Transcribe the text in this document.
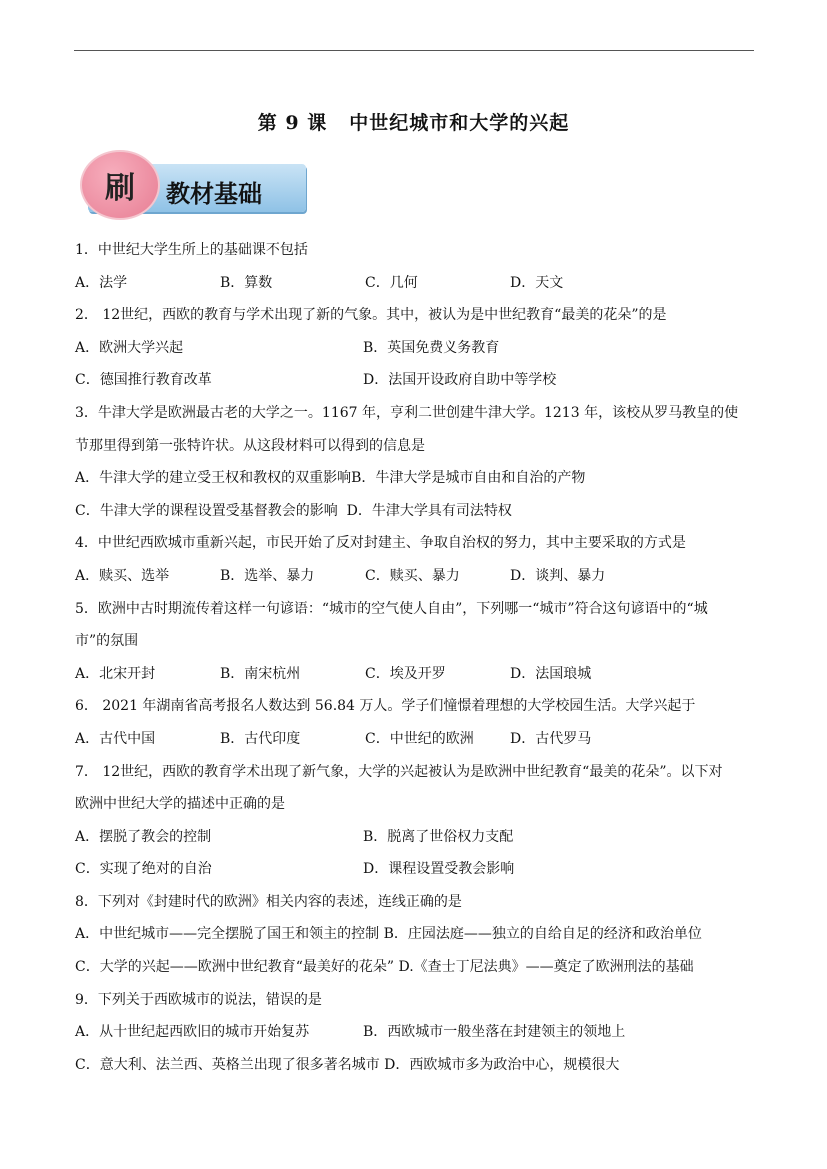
第 9 课 中世纪城市和大学的兴起
刷	教材基础
1．中世纪大学生所上的基础课不包括
A．法学	B．算数	C．几何	D．天文
2． 12世纪，西欧的教育与学术出现了新的气象。其中，被认为是中世纪教育“最美的花朵”的是
A．欧洲大学兴起	B．英国免费义务教育
C．德国推行教育改革	D．法国开设政府自助中等学校
3．牛津大学是欧洲最古老的大学之一。1167 年，亨利二世创建牛津大学。1213 年，该校从罗马教皇的使
节那里得到第一张特许状。从这段材料可以得到的信息是
A．牛津大学的建立受王权和教权的双重影响B．牛津大学是城市自由和自治的产物
C．牛津大学的课程设置受基督教会的影响 D．牛津大学具有司法特权
4．中世纪西欧城市重新兴起，市民开始了反对封建主、争取自治权的努力，其中主要采取的方式是
A．赎买、选举	B．选举、暴力	C．赎买、暴力	D．谈判、暴力
5．欧洲中古时期流传着这样一句谚语：“城市的空气使人自由”，下列哪一“城市”符合这句谚语中的“城
市”的氛围
A．北宋开封	B．南宋杭州	C．埃及开罗	D．法国琅城
6． 2021 年湖南省高考报名人数达到 56.84 万人。学子们憧憬着理想的大学校园生活。大学兴起于
A．古代中国	B．古代印度	C．中世纪的欧洲	D．古代罗马
7． 12世纪，西欧的教育学术出现了新气象，大学的兴起被认为是欧洲中世纪教育“最美的花朵”。以下对
欧洲中世纪大学的描述中正确的是
A．摆脱了教会的控制	B．脱离了世俗权力支配
C．实现了绝对的自治	D．课程设置受教会影响
8．下列对《封建时代的欧洲》相关内容的表述，连线正确的是
A．中世纪城市——完全摆脱了国王和领主的控制 B．庄园法庭——独立的自给自足的经济和政治单位
C．大学的兴起——欧洲中世纪教育“最美好的花朵” D.《查士丁尼法典》——奠定了欧洲刑法的基础
9．下列关于西欧城市的说法，错误的是
A．从十世纪起西欧旧的城市开始复苏	B．西欧城市一般坐落在封建领主的领地上
C．意大利、法兰西、英格兰出现了很多著名城市 D．西欧城市多为政治中心，规模很大
